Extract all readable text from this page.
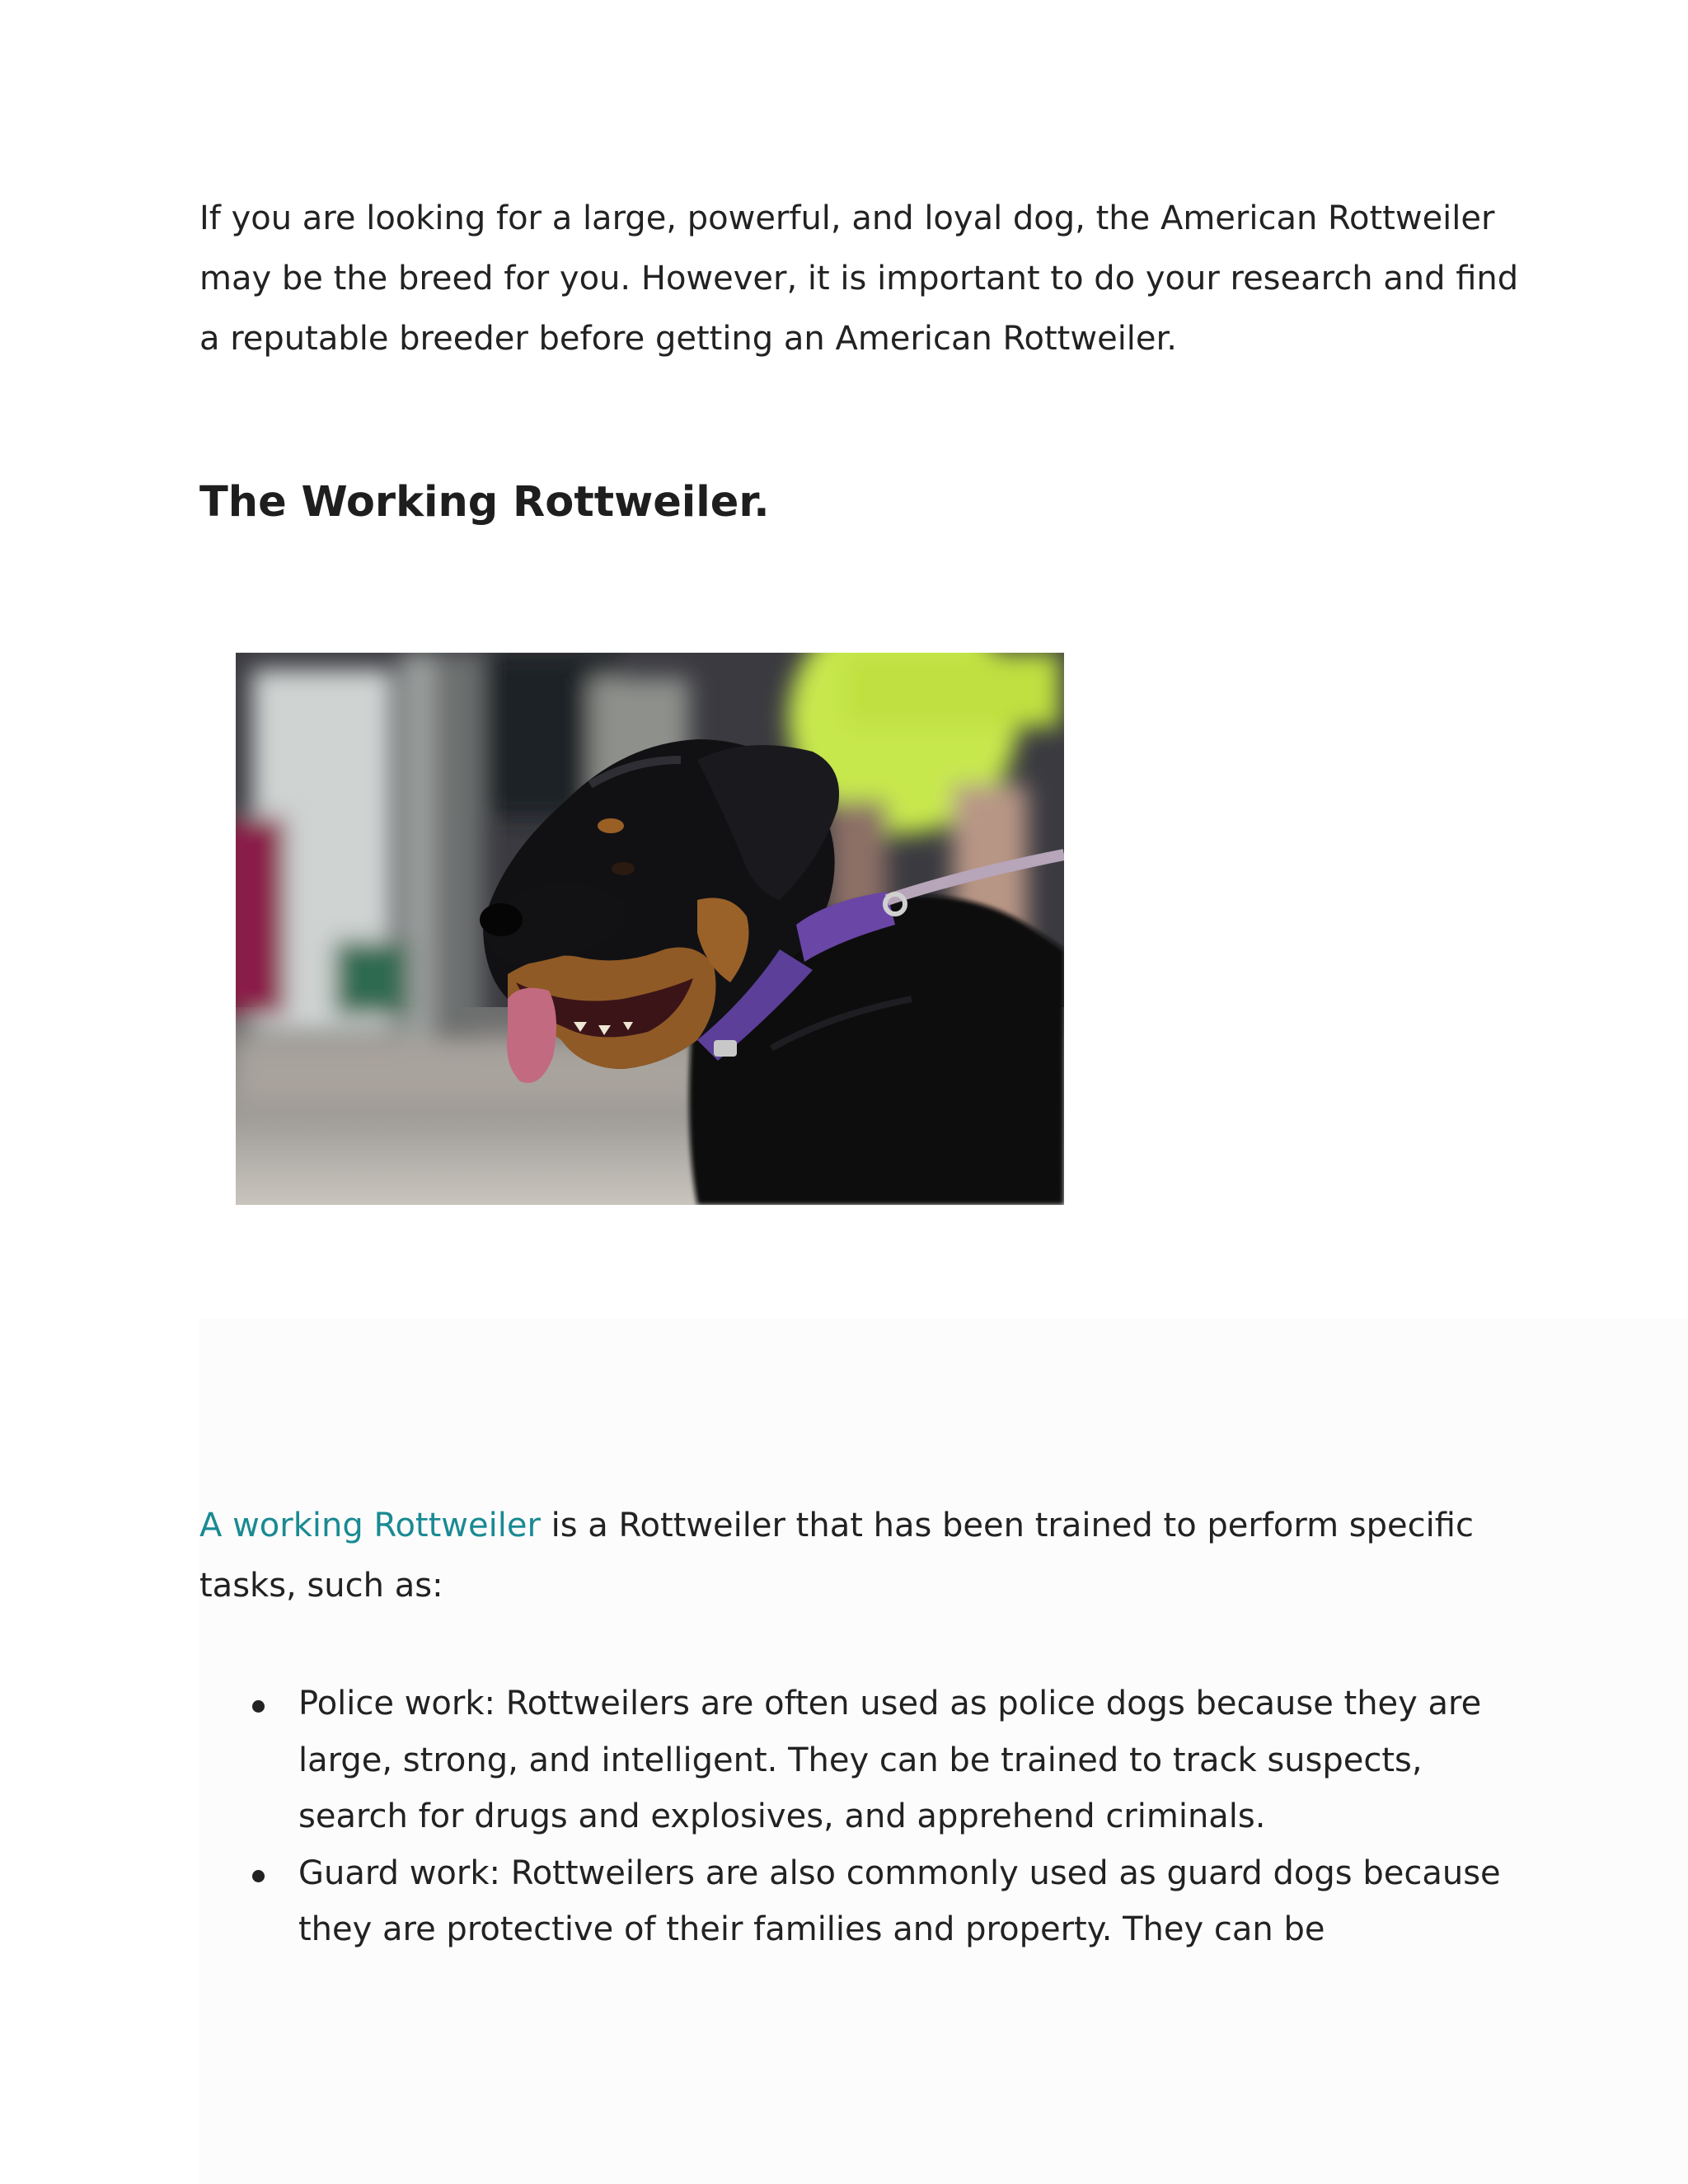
If you are looking for a large, powerful, and loyal dog, the American Rottweiler may be the breed for you. However, it is important to do your research and find a reputable breeder before getting an American Rottweiler.

The Working Rottweiler.

A working Rottweiler is a Rottweiler that has been trained to perform specific tasks, such as:

Police work: Rottweilers are often used as police dogs because they are large, strong, and intelligent. They can be trained to track suspects, search for drugs and explosives, and apprehend criminals.
Guard work: Rottweilers are also commonly used as guard dogs because they are protective of their families and property. They can be
